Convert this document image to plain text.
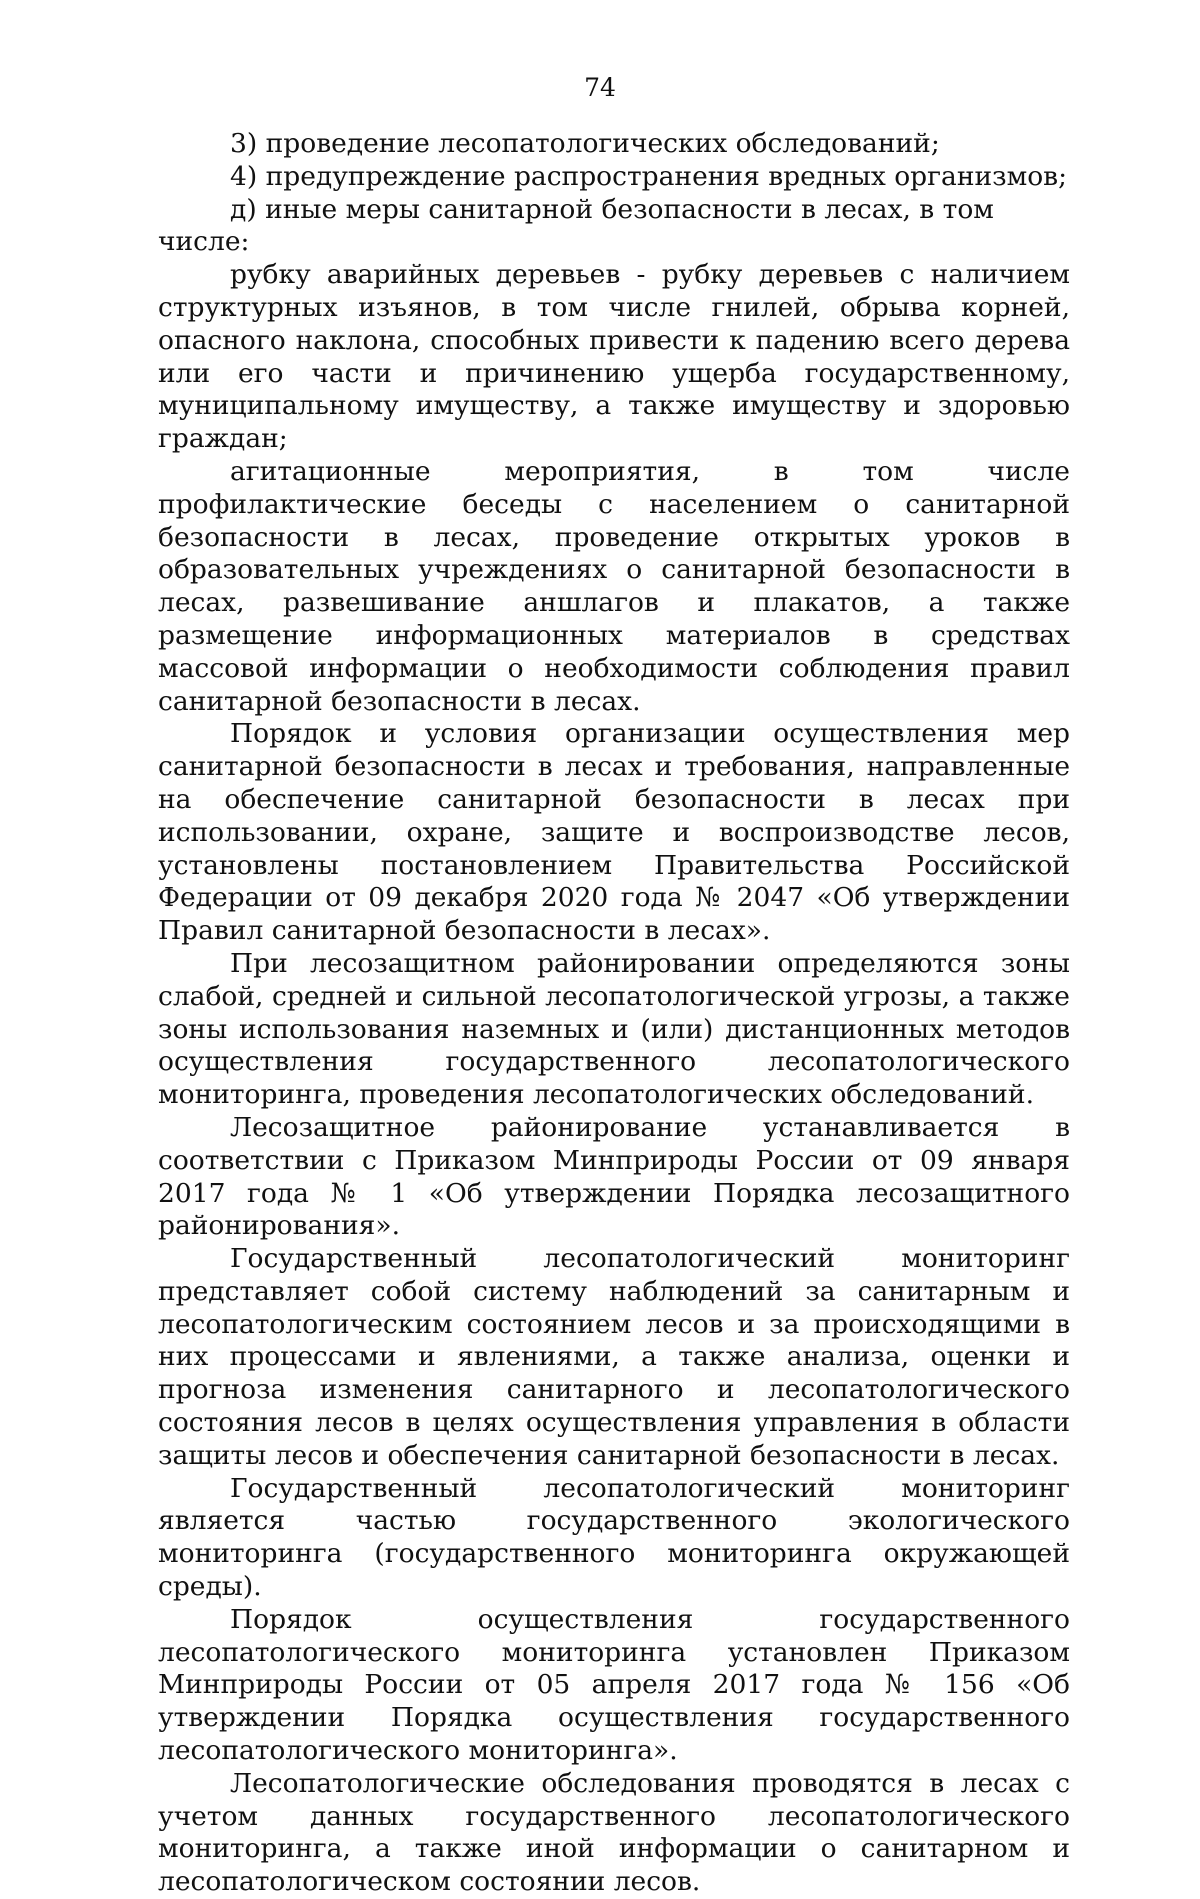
74

3) проведение лесопатологических обследований;

4) предупреждение распространения вредных организмов;

д) иные меры санитарной безопасности в лесах, в том числе:

рубку аварийных деревьев - рубку деревьев с наличием структурных изъянов, в том числе гнилей, обрыва корней, опасного наклона, способных привести к падению всего дерева или его части и причинению ущерба государственному, муниципальному имуществу, а также имуществу и здоровью граждан;

агитационные мероприятия, в том числе профилактические беседы с населением о санитарной безопасности в лесах, проведение открытых уроков в образовательных учреждениях о санитарной безопасности в лесах, развешивание аншлагов и плакатов, а также размещение информационных материалов в средствах массовой информации о необходимости соблюдения правил санитарной безопасности в лесах.

Порядок и условия организации осуществления мер санитарной безопасности в лесах и требования, направленные на обеспечение санитарной безопасности в лесах при использовании, охране, защите и воспроизводстве лесов, установлены постановлением Правительства Российской Федерации от 09 декабря 2020 года № 2047 «Об утверждении Правил санитарной безопасности в лесах».

При лесозащитном районировании определяются зоны слабой, средней и сильной лесопатологической угрозы, а также зоны использования наземных и (или) дистанционных методов осуществления государственного лесопатологического мониторинга, проведения лесопатологических обследований.

Лесозащитное районирование устанавливается в соответствии с Приказом Минприроды России от 09 января 2017 года № 1 «Об утверждении Порядка лесозащитного районирования».

Государственный лесопатологический мониторинг представляет собой систему наблюдений за санитарным и лесопатологическим состоянием лесов и за происходящими в них процессами и явлениями, а также анализа, оценки и прогноза изменения санитарного и лесопатологического состояния лесов в целях осуществления управления в области защиты лесов и обеспечения санитарной безопасности в лесах.

Государственный лесопатологический мониторинг является частью государственного экологического мониторинга (государственного мониторинга окружающей среды).

Порядок осуществления государственного лесопатологического мониторинга установлен Приказом Минприроды России от 05 апреля 2017 года № 156 «Об утверждении Порядка осуществления государственного лесопатологического мониторинга».

Лесопатологические обследования проводятся в лесах с учетом данных государственного лесопатологического мониторинга, а также иной информации о санитарном и лесопатологическом состоянии лесов.
